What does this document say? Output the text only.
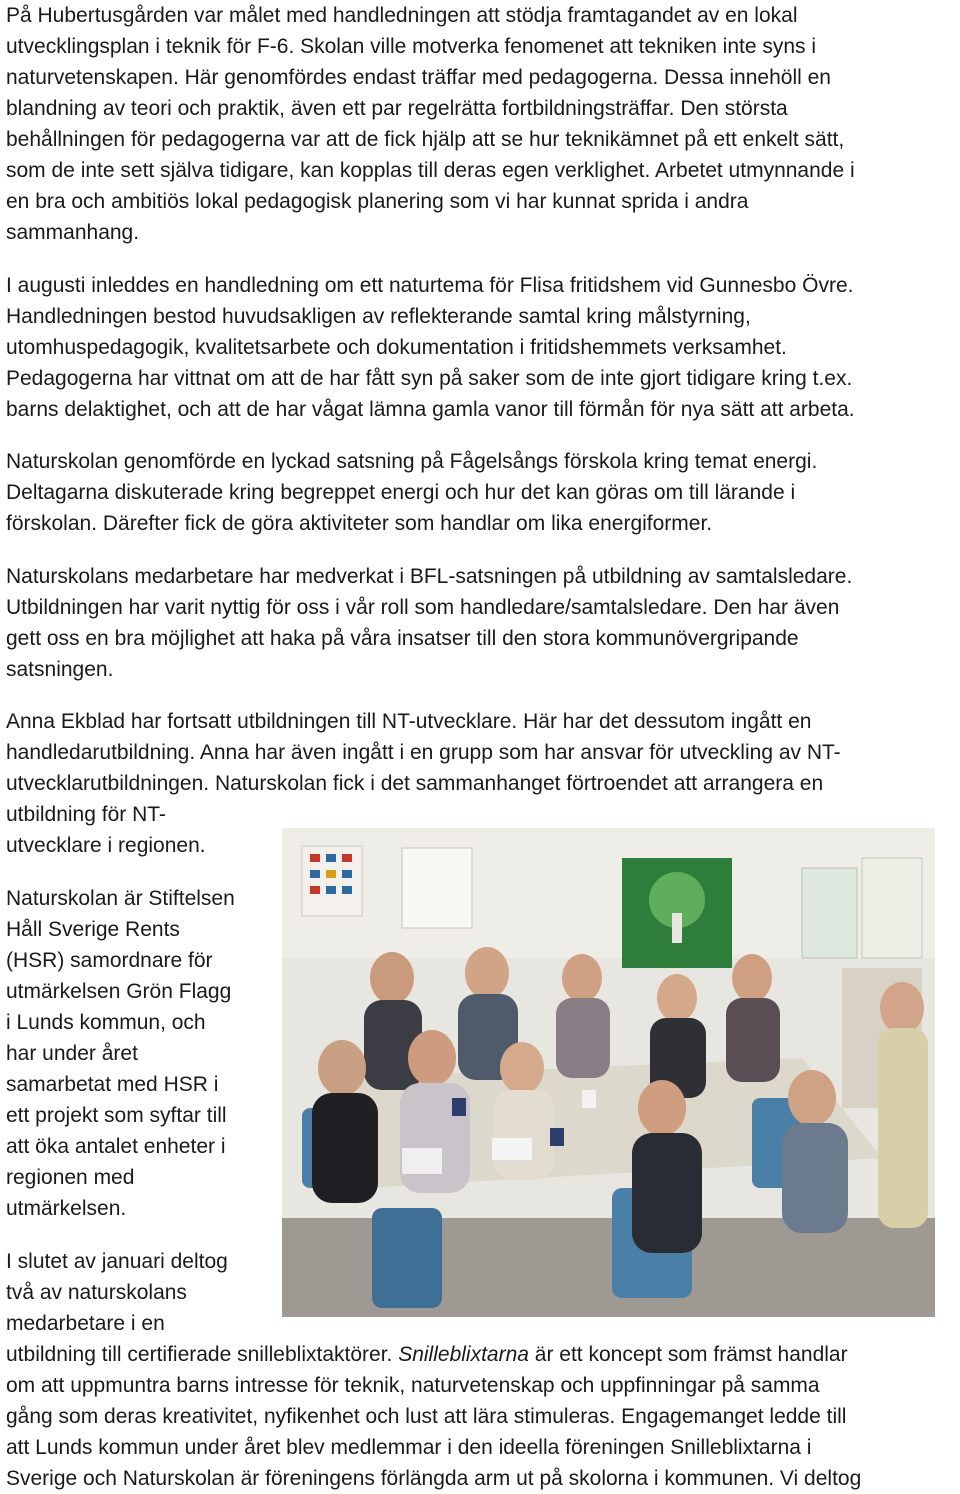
På Hubertusgården var målet med handledningen att stödja framtagandet av en lokal

utvecklingsplan i teknik för F-6. Skolan ville motverka fenomenet att tekniken inte syns i

naturvetenskapen. Här genomfördes endast träffar med pedagogerna. Dessa innehöll en

blandning av teori och praktik, även ett par regelrätta fortbildningsträffar. Den största

behållningen för pedagogerna var att de fick hjälp att se hur teknikämnet på ett enkelt sätt,

som de inte sett själva tidigare, kan kopplas till deras egen verklighet. Arbetet utmynnande i

en bra och ambitiös lokal pedagogisk planering som vi har kunnat sprida i andra

sammanhang.

I augusti inleddes en handledning om ett naturtema för Flisa fritidshem vid Gunnesbo Övre.

Handledningen bestod huvudsakligen av reflekterande samtal kring målstyrning,

utomhuspedagogik, kvalitetsarbete och dokumentation i fritidshemmets verksamhet.

Pedagogerna har vittnat om att de har fått syn på saker som de inte gjort tidigare kring t.ex.

barns delaktighet, och att de har vågat lämna gamla vanor till förmån för nya sätt att arbeta.

Naturskolan genomförde en lyckad satsning på Fågelsångs förskola kring temat energi.

Deltagarna diskuterade kring begreppet energi och hur det kan göras om till lärande i

förskolan. Därefter fick de göra aktiviteter som handlar om lika energiformer.

Naturskolans medarbetare har medverkat i BFL-satsningen på utbildning av samtalsledare.

Utbildningen har varit nyttig för oss i vår roll som handledare/samtalsledare. Den har även

gett oss en bra möjlighet att haka på våra insatser till den stora kommunövergripande

satsningen.

Anna Ekblad har fortsatt utbildningen till NT-utvecklare. Här har det dessutom ingått en

handledarutbildning. Anna har även ingått i en grupp som har ansvar för utveckling av NT-

utvecklarutbildningen. Naturskolan fick i det sammanhanget förtroendet att arrangera en

utbildning för NT-

utvecklare i regionen.

Naturskolan är Stiftelsen

Håll Sverige Rents

(HSR) samordnare för

utmärkelsen Grön Flagg

i Lunds kommun, och

har under året

samarbetat med HSR i

ett projekt som syftar till

att öka antalet enheter i

regionen med

utmärkelsen.

I slutet av januari deltog

två av naturskolans

medarbetare i en

utbildning till certifierade snilleblixtaktörer. Snilleblixtarna är ett koncept som främst handlar

om att uppmuntra barns intresse för teknik, naturvetenskap och uppfinningar på samma

gång som deras kreativitet, nyfikenhet och lust att lära stimuleras. Engagemanget ledde till

att Lunds kommun under året blev medlemmar i den ideella föreningen Snilleblixtarna i

Sverige och Naturskolan är föreningens förlängda arm ut på skolorna i kommunen. Vi deltog
